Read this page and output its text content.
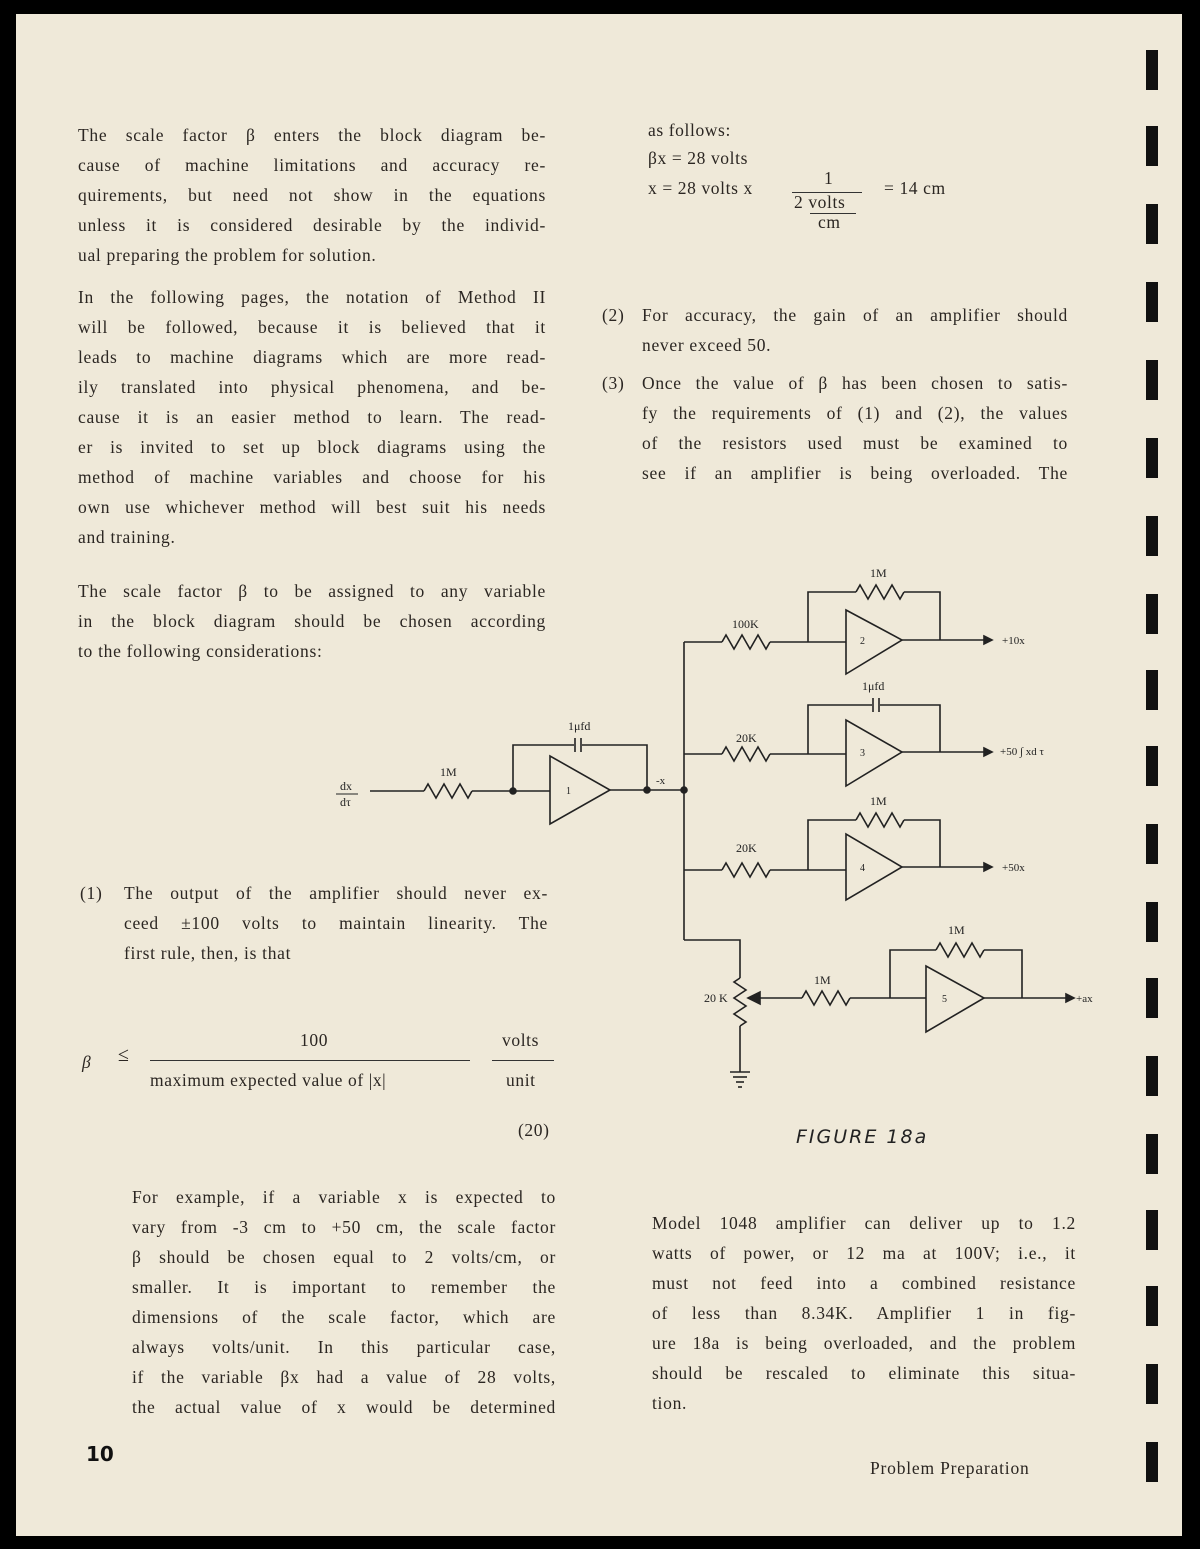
The scale factor β enters the block diagram be-
cause of machine limitations and accuracy re-
quirements, but need not show in the equations
unless it is considered desirable by the individ-
ual preparing the problem for solution.
In the following pages, the notation of Method II
will be followed, because it is believed that it
leads to machine diagrams which are more read-
ily translated into physical phenomena, and be-
cause it is an easier method to learn. The read-
er is invited to set up block diagrams using the
method of machine variables and choose for his
own use whichever method will best suit his needs
and training.
The scale factor β to be assigned to any variable
in the block diagram should be chosen according
to the following considerations:
(1) The output of the amplifier should never ex-
ceed ±100 volts to maintain linearity. The
first rule, then, is that
β ≤
100
maximum expected value of |x|
volts
unit
(20)
For example, if a variable x is expected to
vary from -3 cm to +50 cm, the scale factor
β should be chosen equal to 2 volts/cm, or
smaller. It is important to remember the
dimensions of the scale factor, which are
always volts/unit. In this particular case,
if the variable βx had a value of 28 volts,
the actual value of x would be determined
as follows:
βx = 28 volts
x = 28 volts x	1
2 volts
cm
= 14 cm
(2) For accuracy, the gain of an amplifier should
never exceed 50.
(3) Once the value of β has been chosen to satis-
fy the requirements of (1) and (2), the values
of the resistors used must be examined to
see if an amplifier is being overloaded. The
dx
dτ
1M
1
-x
1μfd
100K
1M
2	+10x
20K
1μfd
3	+50 ∫ xd τ
20K
1M
4	+50x
20 K
1M
1M
5	+ax
FIGURE 18a
Model 1048 amplifier can deliver up to 1.2
watts of power, or 12 ma at 100V; i.e., it
must not feed into a combined resistance
of less than 8.34K. Amplifier 1 in fig-
ure 18a is being overloaded, and the problem
should be rescaled to eliminate this situa-
tion.
10
Problem Preparation
